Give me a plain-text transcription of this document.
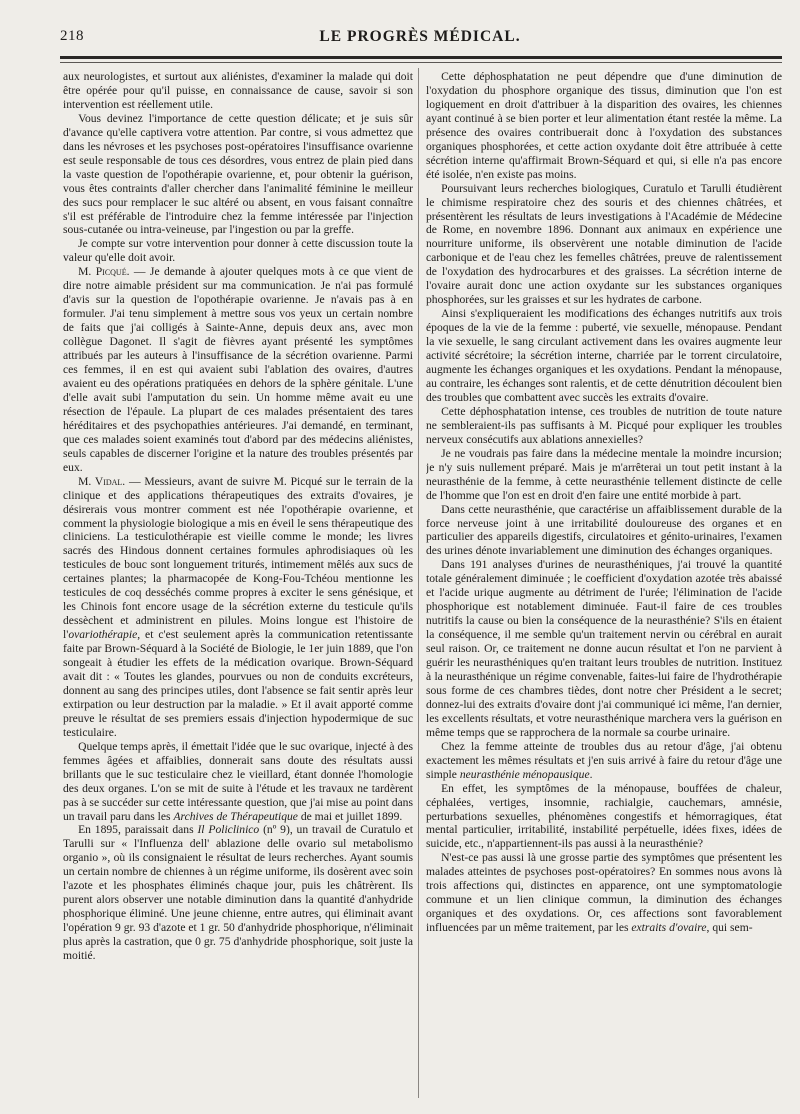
218	LE PROGRÈS MÉDICAL.

aux neurologistes, et surtout aux aliénistes, d'examiner la malade qui doit être opérée pour qu'il puisse, en connaissance de cause, savoir si son intervention est réellement utile.

Vous devinez l'importance de cette question délicate; et je suis sûr d'avance qu'elle captivera votre attention. Par contre, si vous admettez que dans les névroses et les psychoses post-opératoires l'insuffisance ovarienne est seule responsable de tous ces désordres, vous entrez de plain pied dans la vaste question de l'opothérapie ovarienne, et, pour obtenir la guérison, vous êtes contraints d'aller chercher dans l'animalité féminine le meilleur des sucs pour remplacer le suc altéré ou absent, en vous faisant connaître s'il est préférable de l'introduire chez la femme intéressée par l'injection sous-cutanée ou intra-veineuse, par l'ingestion ou par la greffe.

Je compte sur votre intervention pour donner à cette discussion toute la valeur qu'elle doit avoir.

M. Picqué. — Je demande à ajouter quelques mots à ce que vient de dire notre aimable président sur ma communication. Je n'ai pas formulé d'avis sur la question de l'opothérapie ovarienne. Je n'avais pas à en formuler. J'ai tenu simplement à mettre sous vos yeux un certain nombre de faits que j'ai colligés à Sainte-Anne, depuis deux ans, avec mon collègue Dagonet. Il s'agit de fièvres ayant présenté les symptômes attribués par les auteurs à l'insuffisance de la sécrétion ovarienne. Parmi ces femmes, il en est qui avaient subi l'ablation des ovaires, d'autres avaient eu des opérations pratiquées en dehors de la sphère génitale. L'une d'elle avait subi l'amputation du sein. Un homme même avait eu une résection de l'épaule. La plupart de ces malades présentaient des tares héréditaires et des psychopathies antérieures. J'ai demandé, en terminant, que ces malades soient examinés tout d'abord par des médecins aliénistes, seuls capables de discerner l'origine et la nature des troubles présentés par eux.

M. Vidal. — Messieurs, avant de suivre M. Picqué sur le terrain de la clinique et des applications thérapeutiques des extraits d'ovaires, je désirerais vous montrer comment est née l'opothérapie ovarienne, et comment la physiologie biologique a mis en éveil le sens thérapeutique des cliniciens. La testiculothérapie est vieille comme le monde; les livres sacrés des Hindous donnent certaines formules aphrodisiaques où les testicules de bouc sont longuement triturés, intimement mêlés aux sucs de certaines plantes; la pharmacopée de Kong-Fou-Tchéou mentionne les testicules de coq desséchés comme propres à exciter le sens génésique, et les Chinois font encore usage de la sécrétion externe du testicule qu'ils dessèchent et administrent en pilules. Moins longue est l'histoire de l'ovariothérapie, et c'est seulement après la communication retentissante faite par Brown-Séquard à la Société de Biologie, le 1er juin 1889, que l'on songeait à étudier les effets de la médication ovarique. Brown-Séquard avait dit : « Toutes les glandes, pourvues ou non de conduits excréteurs, donnent au sang des principes utiles, dont l'absence se fait sentir après leur extirpation ou leur destruction par la maladie. » Et il avait apporté comme preuve le résultat de ses premiers essais d'injection hypodermique de suc testiculaire.

Quelque temps après, il émettait l'idée que le suc ovarique, injecté à des femmes âgées et affaiblies, donnerait sans doute des résultats aussi brillants que le suc testiculaire chez le vieillard, étant donnée l'homologie des deux organes. L'on se mit de suite à l'étude et les travaux ne tardèrent pas à se succéder sur cette intéressante question, que j'ai mise au point dans un travail paru dans les Archives de Thérapeutique de mai et juillet 1899.

En 1895, paraissait dans Il Policlinico (nº 9), un travail de Curatulo et Tarulli sur « l'Influenza dell' ablazione delle ovario sul metabolismo organio », où ils consignaient le résultat de leurs recherches. Ayant soumis un certain nombre de chiennes à un régime uniforme, ils dosèrent avec soin l'azote et les phosphates éliminés chaque jour, puis les châtrèrent. Ils purent alors observer une notable diminution dans la quantité d'anhydride phosphorique éliminé. Une jeune chienne, entre autres, qui éliminait avant l'opération 9 gr. 93 d'azote et 1 gr. 50 d'anhydride phosphorique, n'éliminait plus après la castration, que 0 gr. 75 d'anhydride phosphorique, soit juste la moitié.

Cette déphosphatation ne peut dépendre que d'une diminution de l'oxydation du phosphore organique des tissus, diminution que l'on est logiquement en droit d'attribuer à la disparition des ovaires, les chiennes ayant continué à se bien porter et leur alimentation étant restée la même. La présence des ovaires contribuerait donc à l'oxydation des substances organiques phosphorées, et cette action oxydante doit être attribuée à cette sécrétion interne qu'affirmait Brown-Séquard et qui, si elle n'a pas encore été isolée, n'en existe pas moins.

Poursuivant leurs recherches biologiques, Curatulo et Tarulli étudièrent le chimisme respiratoire chez des souris et des chiennes châtrées, et présentèrent les résultats de leurs investigations à l'Académie de Médecine de Rome, en novembre 1896. Donnant aux animaux en expérience une nourriture uniforme, ils observèrent une notable diminution de l'acide carbonique et de l'eau chez les femelles châtrées, preuve de ralentissement de l'oxydation des hydrocarbures et des graisses. La sécrétion interne de l'ovaire aurait donc une action oxydante sur les substances organiques phosphorées, sur les graisses et sur les hydrates de carbone.

Ainsi s'expliqueraient les modifications des échanges nutritifs aux trois époques de la vie de la femme : puberté, vie sexuelle, ménopause. Pendant la vie sexuelle, le sang circulant activement dans les ovaires augmente leur activité sécrétoire; la sécrétion interne, charriée par le torrent circulatoire, augmente les échanges organiques et les oxydations. Pendant la ménopause, au contraire, les échanges sont ralentis, et de cette dénutrition découlent bien des troubles que combattent avec succès les extraits d'ovaire.

Cette déphosphatation intense, ces troubles de nutrition de toute nature ne sembleraient-ils pas suffisants à M. Picqué pour expliquer les troubles nerveux consécutifs aux ablations annexielles?

Je ne voudrais pas faire dans la médecine mentale la moindre incursion; je n'y suis nullement préparé. Mais je m'arrêterai un tout petit instant à la neurasthénie de la femme, à cette neurasthénie tellement distincte de celle de l'homme que l'on est en droit d'en faire une entité morbide à part.

Dans cette neurasthénie, que caractérise un affaiblissement durable de la force nerveuse joint à une irritabilité douloureuse des organes et en particulier des appareils digestifs, circulatoires et génito-urinaires, l'examen des urines dénote invariablement une diminution des échanges organiques.

Dans 191 analyses d'urines de neurasthéniques, j'ai trouvé la quantité totale généralement diminuée ; le coefficient d'oxydation azotée très abaissé et l'acide urique augmente au détriment de l'urée; l'élimination de l'acide phosphorique est notablement diminuée. Faut-il faire de ces troubles nutritifs la cause ou bien la conséquence de la neurasthénie? S'ils en étaient la conséquence, il me semble qu'un traitement nervin ou cérébral en aurait seul raison. Or, ce traitement ne donne aucun résultat et l'on ne parvient à guérir les neurasthéniques qu'en traitant leurs troubles de nutrition. Instituez à la neurasthénique un régime convenable, faites-lui faire de l'hydrothérapie sous forme de ces chambres tièdes, dont notre cher Président a le secret; donnez-lui des extraits d'ovaire dont j'ai communiqué ici même, l'an dernier, les excellents résultats, et votre neurasthénique marchera vers la guérison en même temps que se rapprochera de la normale sa courbe urinaire.

Chez la femme atteinte de troubles dus au retour d'âge, j'ai obtenu exactement les mêmes résultats et j'en suis arrivé à faire du retour d'âge une simple neurasthénie ménopausique.

En effet, les symptômes de la ménopause, bouffées de chaleur, céphalées, vertiges, insomnie, rachialgie, cauchemars, amnésie, perturbations sexuelles, phénomènes congestifs et hémorragiques, état mental particulier, irritabilité, instabilité perpétuelle, idées fixes, idées de suicide, etc., n'appartiennent-ils pas aussi à la neurasthénie?

N'est-ce pas aussi là une grosse partie des symptômes que présentent les malades atteintes de psychoses post-opératoires? En sommes nous avons là trois affections qui, distinctes en apparence, ont une symptomatologie commune et un lien clinique commun, la diminution des échanges organiques et des oxydations. Or, ces affections sont favorablement influencées par un même traitement, par les extraits d'ovaire, qui sem-
